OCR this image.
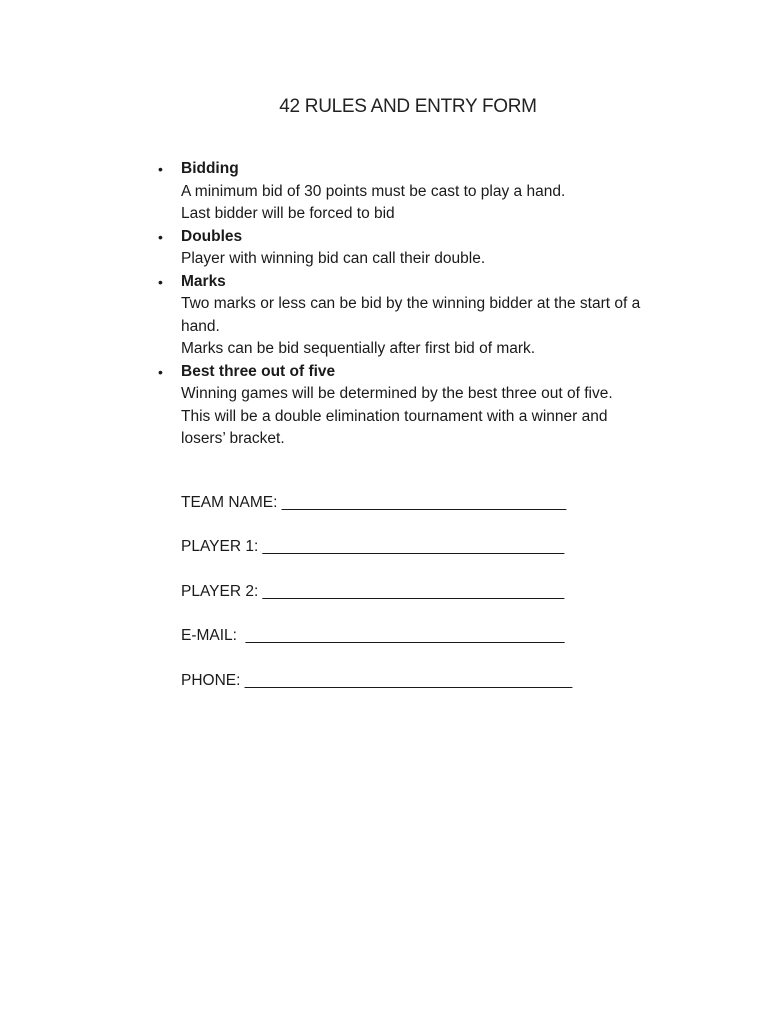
42 RULES AND ENTRY FORM
•	Bidding
A minimum bid of 30 points must be cast to play a hand.
Last bidder will be forced to bid
•	Doubles
Player with winning bid can call their double.
•	Marks
Two marks or less can be bid by the winning bidder at the start of a
hand.
Marks can be bid sequentially after first bid of mark.
•	Best three out of five
Winning games will be determined by the best three out of five.
This will be a double elimination tournament with a winner and
losers’ bracket.
TEAM NAME: _________________________________
PLAYER 1: ___________________________________
PLAYER 2: ___________________________________
E-MAIL:  _____________________________________
PHONE: ______________________________________
